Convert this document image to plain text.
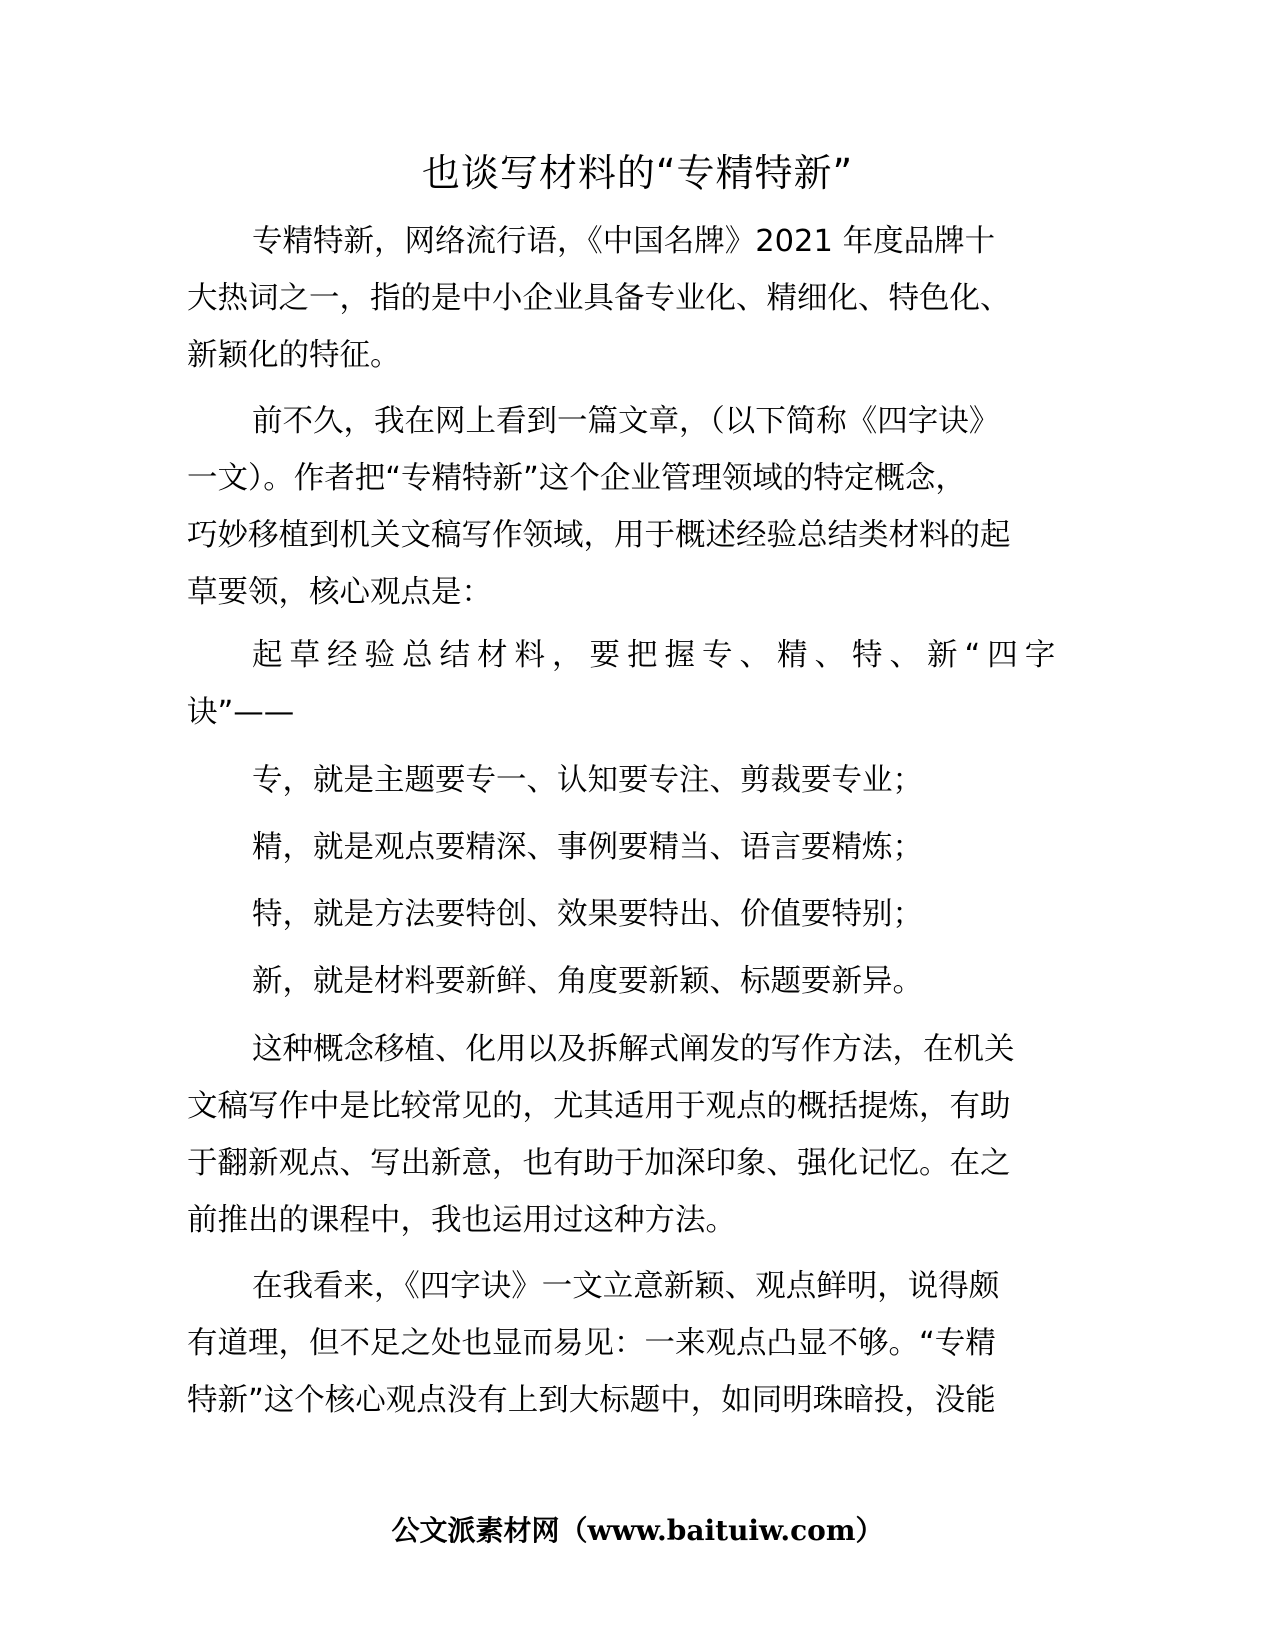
也谈写材料的“专精特新”
专精特新，网络流行语，《中国名牌》2021 年度品牌十
大热词之一，指的是中小企业具备专业化、精细化、特色化、
新颖化的特征。
前不久，我在网上看到一篇文章，（以下简称《四字诀》
一文）。作者把“专精特新”这个企业管理领域的特定概念，
巧妙移植到机关文稿写作领域，用于概述经验总结类材料的起
草要领，核心观点是：
起草经验总结材料，要把握专、精、特、新“四字
诀”——
专，就是主题要专一、认知要专注、剪裁要专业；
精，就是观点要精深、事例要精当、语言要精炼；
特，就是方法要特创、效果要特出、价值要特别；
新，就是材料要新鲜、角度要新颖、标题要新异。
这种概念移植、化用以及拆解式阐发的写作方法，在机关
文稿写作中是比较常见的，尤其适用于观点的概括提炼，有助
于翻新观点、写出新意，也有助于加深印象、强化记忆。在之
前推出的课程中，我也运用过这种方法。
在我看来，《四字诀》一文立意新颖、观点鲜明，说得颇
有道理，但不足之处也显而易见：一来观点凸显不够。“专精
特新”这个核心观点没有上到大标题中，如同明珠暗投，没能
公文派素材网（www.baituiw.com）
